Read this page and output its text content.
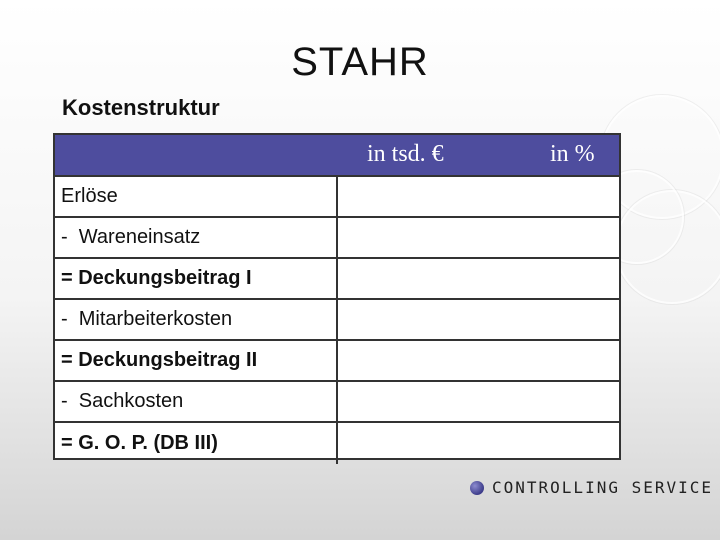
STAHR
Kostenstruktur
in tsd. €	in %
Erlöse
-  Wareneinsatz
= Deckungsbeitrag I
-  Mitarbeiterkosten
= Deckungsbeitrag II
-  Sachkosten
= G. O. P. (DB III)
CONTROLLING SERVICE
